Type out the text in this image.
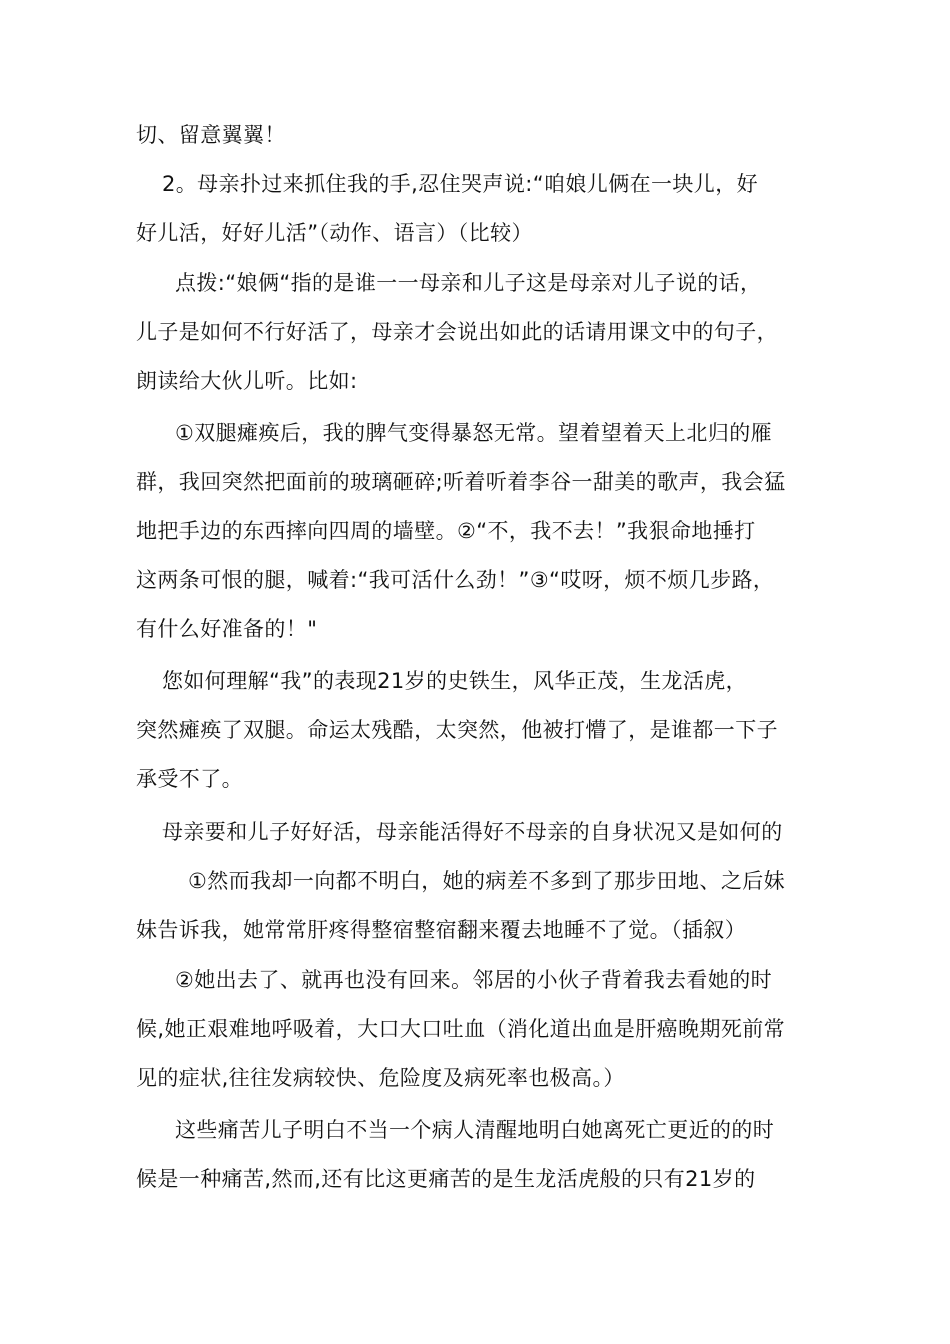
切、留意翼翼！
2。母亲扑过来抓住我的手,忍住哭声说:“咱娘儿俩在一块儿，好
好儿活，好好儿活”（动作、语言）（比较）
点拨:“娘俩“指的是谁一一母亲和儿子这是母亲对儿子说的话，
儿子是如何不行好活了，母亲才会说出如此的话请用课文中的句子，
朗读给大伙儿听。比如:
①双腿瘫痪后，我的脾气变得暴怒无常。望着望着天上北归的雁
群，我回突然把面前的玻璃砸碎;听着听着李谷一甜美的歌声，我会猛
地把手边的东西摔向四周的墙壁。②“不，我不去！”我狠命地捶打
这两条可恨的腿，喊着:“我可活什么劲！”③“哎呀，烦不烦几步路，
有什么好准备的！"
您如何理解“我”的表现21岁的史铁生，风华正茂，生龙活虎，
突然瘫痪了双腿。命运太残酷，太突然，他被打懵了，是谁都一下子
承受不了。
母亲要和儿子好好活，母亲能活得好不母亲的自身状况又是如何的
①然而我却一向都不明白，她的病差不多到了那步田地、之后妹
妹告诉我，她常常肝疼得整宿整宿翻来覆去地睡不了觉。（插叙）
②她出去了、就再也没有回来。邻居的小伙子背着我去看她的时
候,她正艰难地呼吸着，大口大口吐血（消化道出血是肝癌晚期死前常
见的症状,往往发病较快、危险度及病死率也极高。）
这些痛苦儿子明白不当一个病人清醒地明白她离死亡更近的的时
候是一种痛苦,然而,还有比这更痛苦的是生龙活虎般的只有21岁的
